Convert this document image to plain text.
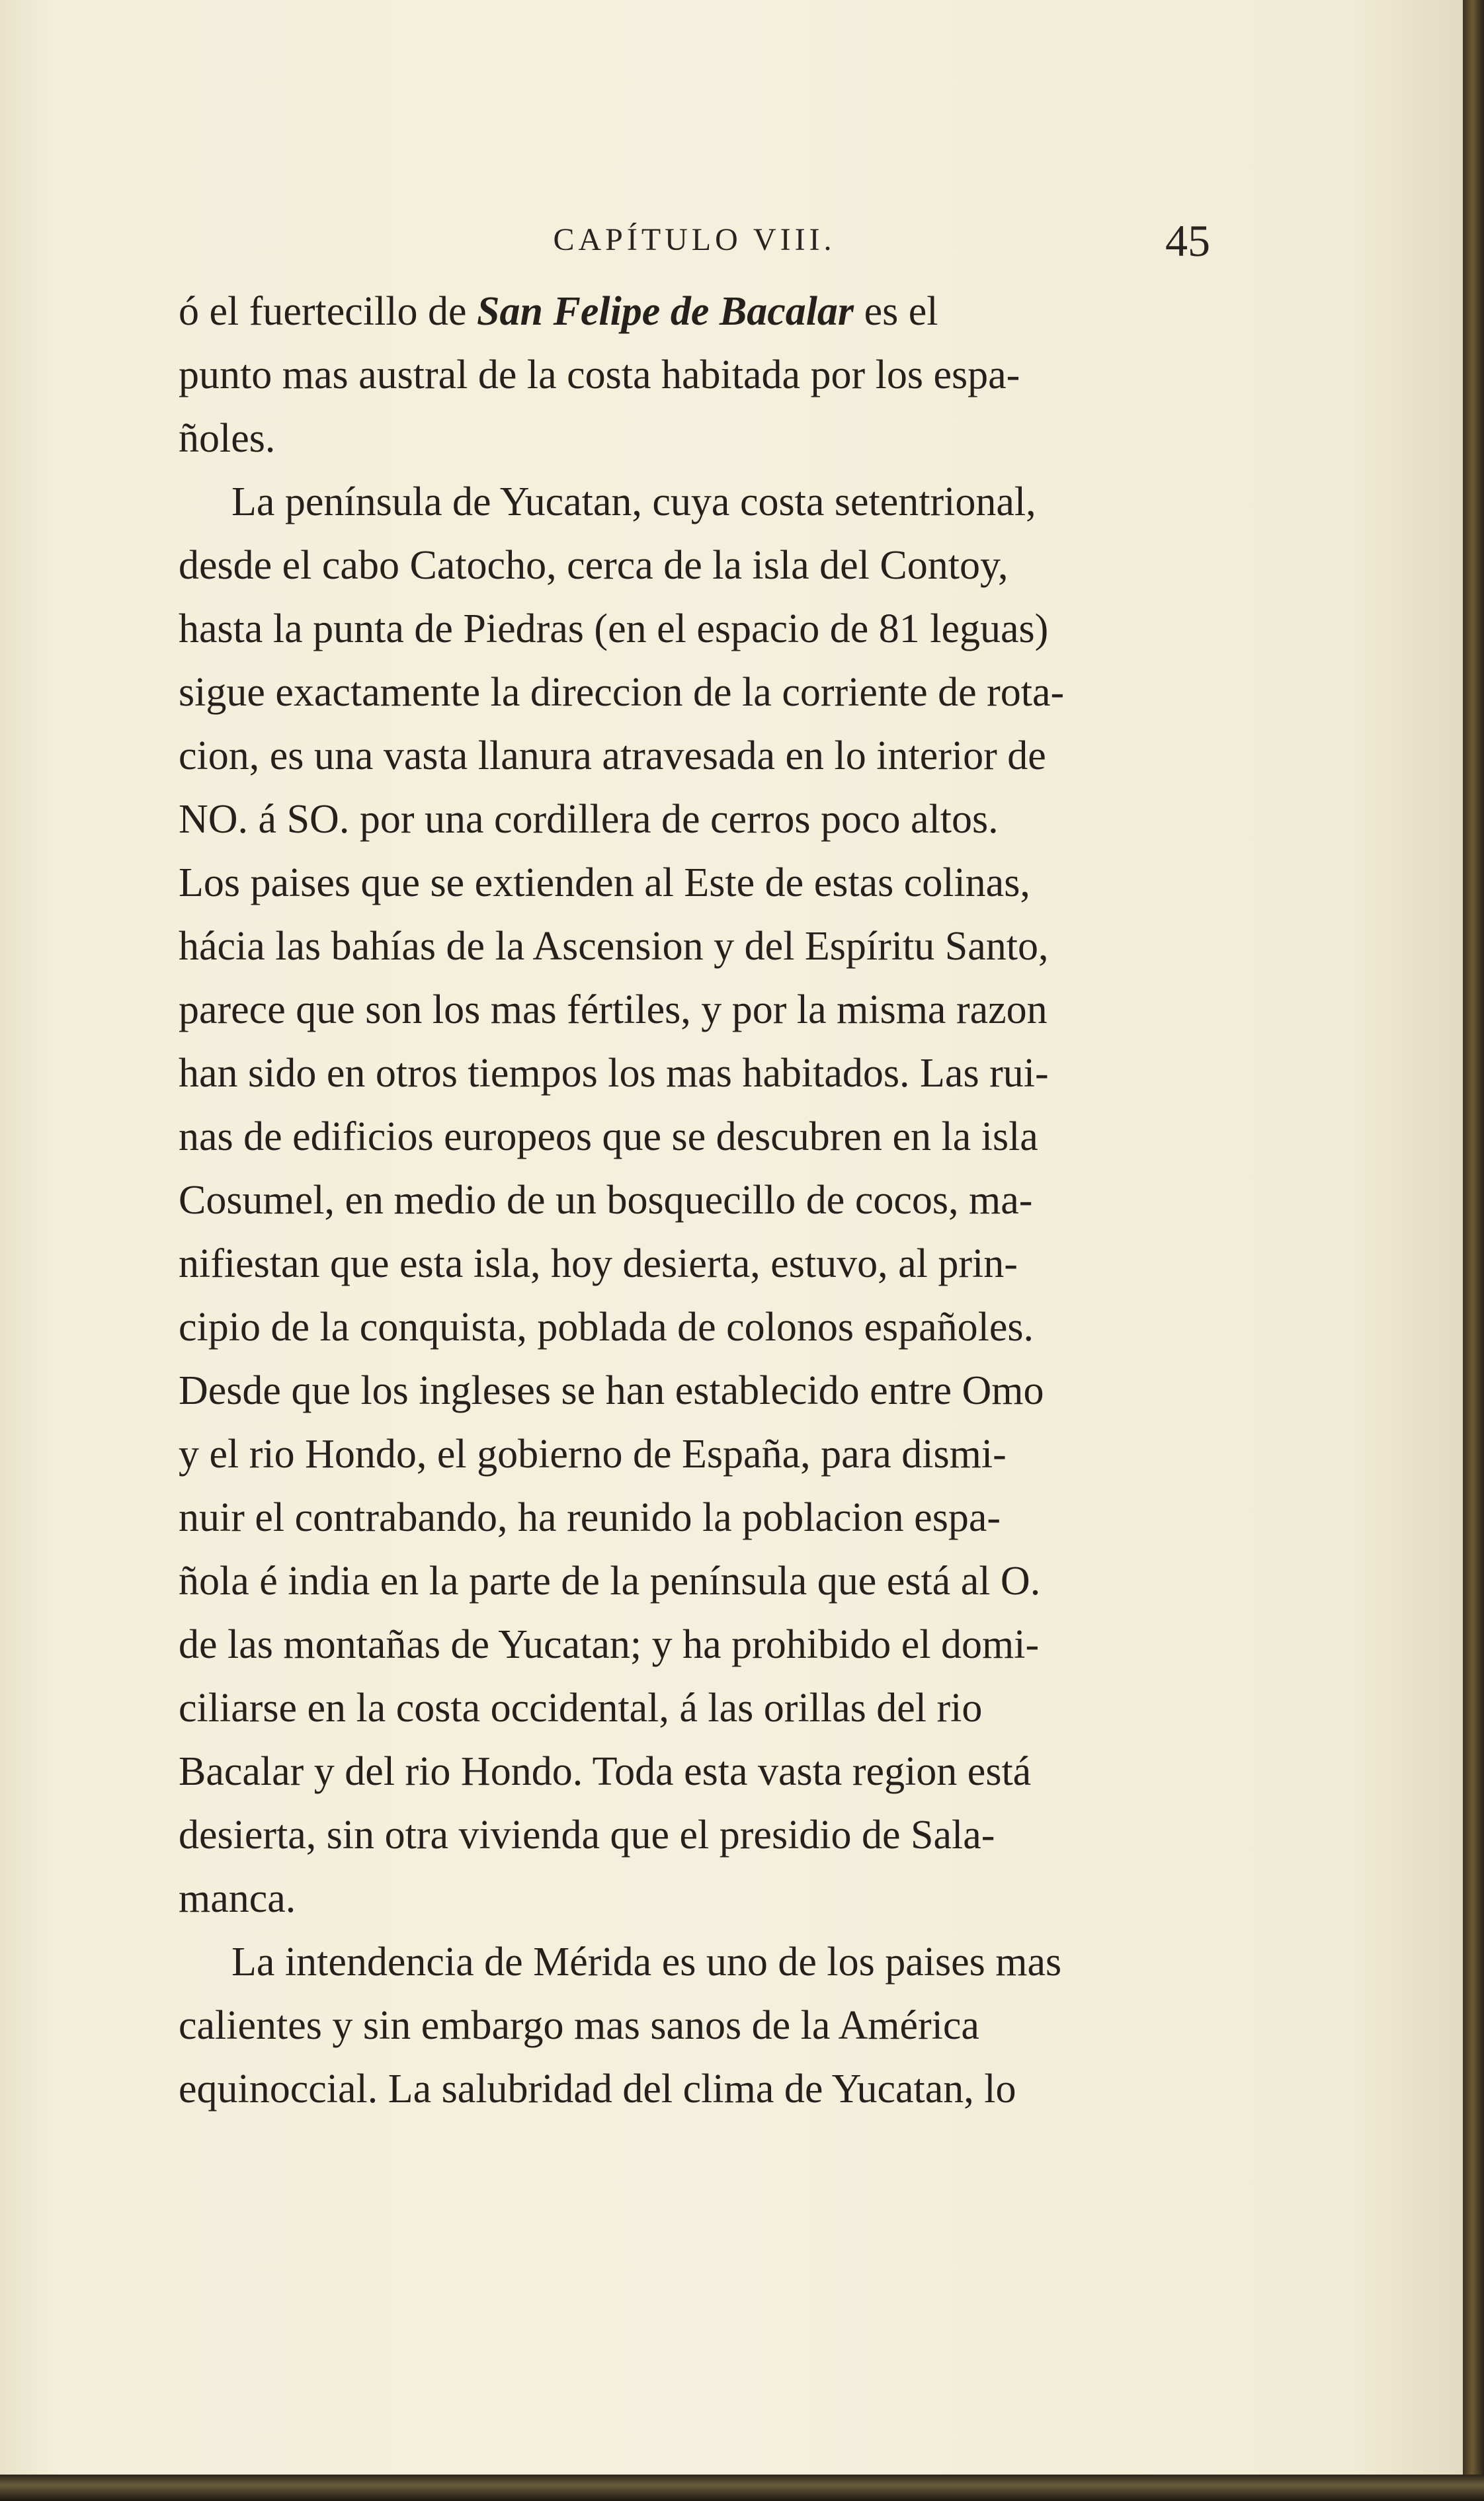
CAPÍTULO VIII.	45
ó el fuertecillo de San Felipe de Bacalar es el
punto mas austral de la costa habitada por los espa-
ñoles.
La península de Yucatan, cuya costa setentrional,
desde el cabo Catocho, cerca de la isla del Contoy,
hasta la punta de Piedras (en el espacio de 81 leguas)
sigue exactamente la direccion de la corriente de rota-
cion, es una vasta llanura atravesada en lo interior de
NO. á SO. por una cordillera de cerros poco altos.
Los paises que se extienden al Este de estas colinas,
hácia las bahías de la Ascension y del Espíritu Santo,
parece que son los mas fértiles, y por la misma razon
han sido en otros tiempos los mas habitados. Las rui-
nas de edificios europeos que se descubren en la isla
Cosumel, en medio de un bosquecillo de cocos, ma-
nifiestan que esta isla, hoy desierta, estuvo, al prin-
cipio de la conquista, poblada de colonos españoles.
Desde que los ingleses se han establecido entre Omo
y el rio Hondo, el gobierno de España, para dismi-
nuir el contrabando, ha reunido la poblacion espa-
ñola é india en la parte de la península que está al O.
de las montañas de Yucatan; y ha prohibido el domi-
ciliarse en la costa occidental, á las orillas del rio
Bacalar y del rio Hondo. Toda esta vasta region está
desierta, sin otra vivienda que el presidio de Sala-
manca.
La intendencia de Mérida es uno de los paises mas
calientes y sin embargo mas sanos de la América
equinoccial. La salubridad del clima de Yucatan, lo
